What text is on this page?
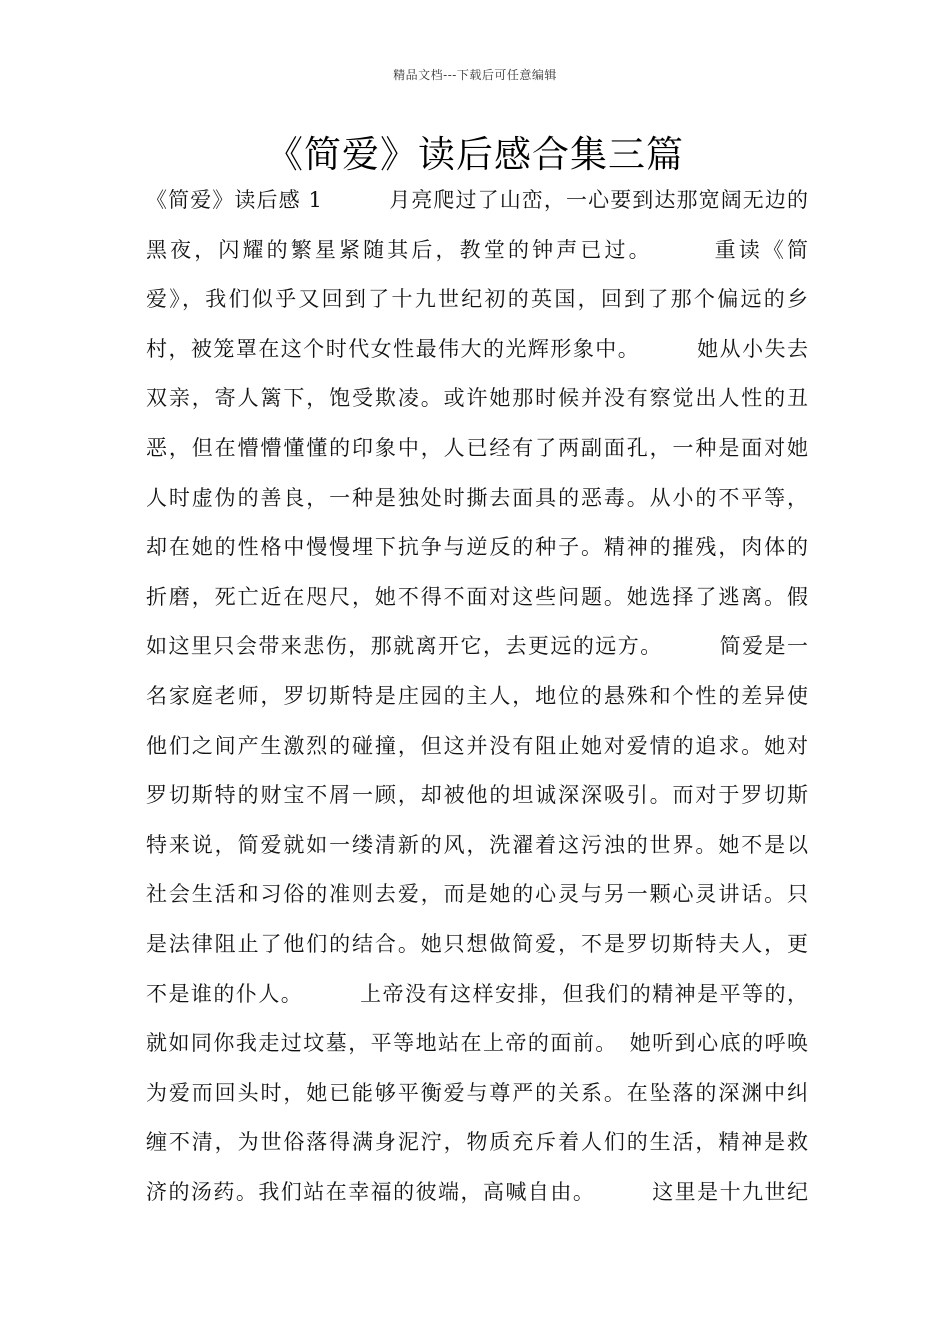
精品文档---下载后可任意编辑
《简爱》读后感合集三篇
《简爱》读后感 1　　　月亮爬过了山峦，一心要到达那宽阔无边的
黑夜，闪耀的繁星紧随其后，教堂的钟声已过。　　　重读《简
爱》，我们似乎又回到了十九世纪初的英国，回到了那个偏远的乡
村，被笼罩在这个时代女性最伟大的光辉形象中。　　　她从小失去
双亲，寄人篱下，饱受欺凌。或许她那时候并没有察觉出人性的丑
恶，但在懵懵懂懂的印象中，人已经有了两副面孔，一种是面对她
人时虚伪的善良，一种是独处时撕去面具的恶毒。从小的不平等，
却在她的性格中慢慢埋下抗争与逆反的种子。精神的摧残，肉体的
折磨，死亡近在咫尺，她不得不面对这些问题。她选择了逃离。假
如这里只会带来悲伤，那就离开它，去更远的远方。　　　简爱是一
名家庭老师，罗切斯特是庄园的主人，地位的悬殊和个性的差异使
他们之间产生激烈的碰撞，但这并没有阻止她对爱情的追求。她对
罗切斯特的财宝不屑一顾，却被他的坦诚深深吸引。而对于罗切斯
特来说，简爱就如一缕清新的风，洗濯着这污浊的世界。她不是以
社会生活和习俗的准则去爱，而是她的心灵与另一颗心灵讲话。只
是法律阻止了他们的结合。她只想做简爱，不是罗切斯特夫人，更
不是谁的仆人。　　　上帝没有这样安排，但我们的精神是平等的，
就如同你我走过坟墓，平等地站在上帝的面前。　她听到心底的呼唤
为爱而回头时，她已能够平衡爱与尊严的关系。在坠落的深渊中纠
缠不清，为世俗落得满身泥泞，物质充斥着人们的生活，精神是救
济的汤药。我们站在幸福的彼端，高喊自由。　　　这里是十九世纪
